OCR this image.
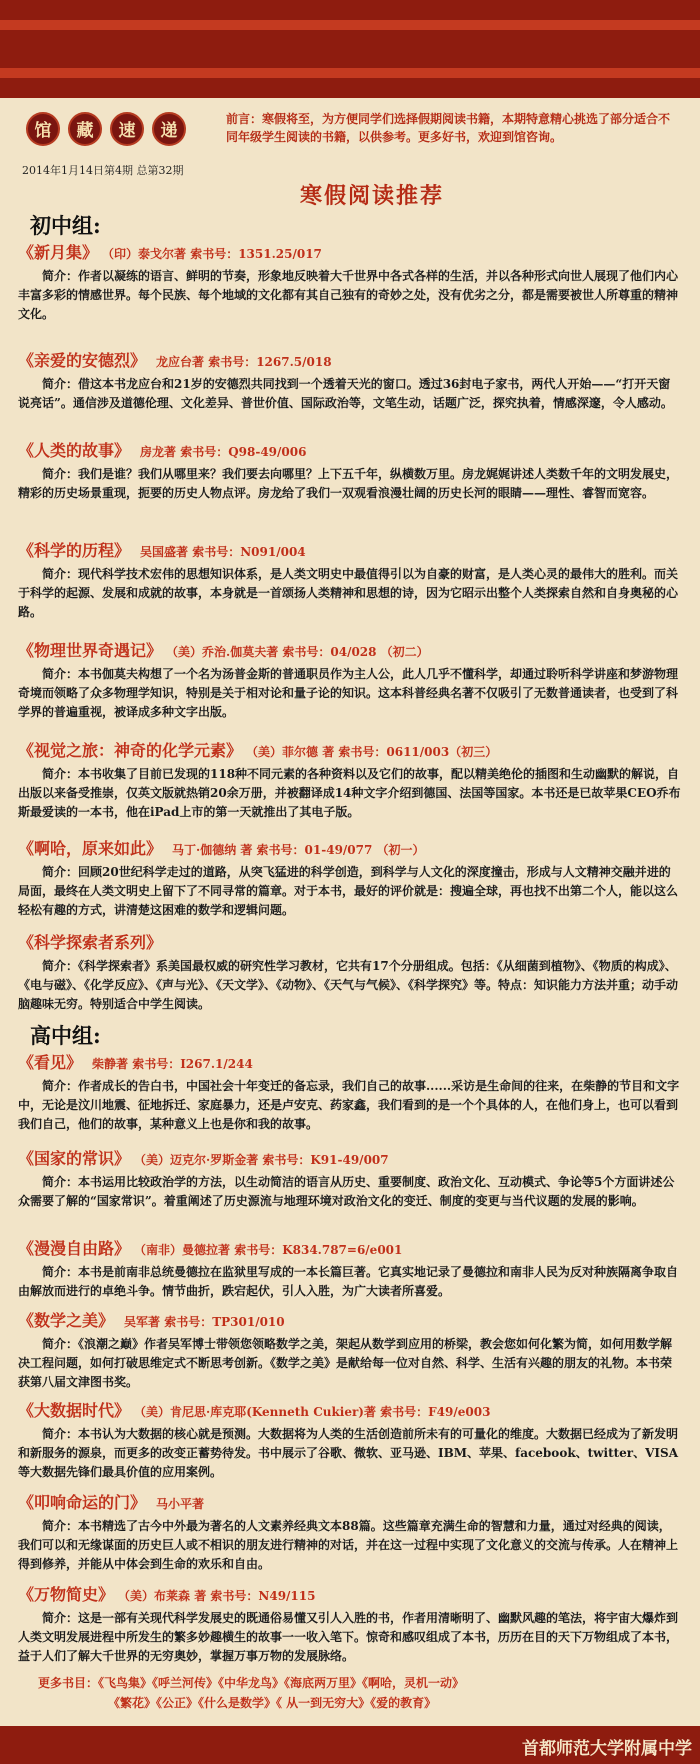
馆	藏	速	递
2014年1月14日第4期 总第32期
前言：寒假将至，为方便同学们选择假期阅读书籍，本期特意精心挑选了部分适合不同年级学生阅读的书籍，以供参考。更多好书，欢迎到馆咨询。
寒假阅读推荐
初中组:
《新月集》 （印）泰戈尔著 索书号：1351.25/017
简介：作者以凝练的语言、鲜明的节奏，形象地反映着大千世界中各式各样的生活，并以各种形式向世人展现了他们内心丰富多彩的情感世界。每个民族、每个地域的文化都有其自己独有的奇妙之处，没有优劣之分，都是需要被世人所尊重的精神文化。
《亲爱的安德烈》 龙应台著 索书号：1267.5/018
简介：借这本书龙应台和21岁的安德烈共同找到一个透着天光的窗口。透过36封电子家书，两代人开始——“打开天窗说亮话”。通信涉及道德伦理、文化差异、普世价值、国际政治等，文笔生动，话题广泛，探究执着，情感深邃，令人感动。
《人类的故事》 房龙著 索书号：Q98-49/006
简介：我们是谁？我们从哪里来？我们要去向哪里？上下五千年，纵横数万里。房龙娓娓讲述人类数千年的文明发展史，精彩的历史场景重现，扼要的历史人物点评。房龙给了我们一双观看浪漫壮阔的历史长河的眼睛——理性、睿智而宽容。
《科学的历程》 吴国盛著 索书号：N091/004
简介：现代科学技术宏伟的思想知识体系，是人类文明史中最值得引以为自豪的财富，是人类心灵的最伟大的胜利。而关于科学的起源、发展和成就的故事，本身就是一首颂扬人类精神和思想的诗，因为它昭示出整个人类探索自然和自身奥秘的心路。
《物理世界奇遇记》 （美）乔治.伽莫夫著 索书号：04/028 （初二）
简介：本书伽莫夫构想了一个名为汤普金斯的普通职员作为主人公，此人几乎不懂科学，却通过聆听科学讲座和梦游物理奇境而领略了众多物理学知识，特别是关于相对论和量子论的知识。这本科普经典名著不仅吸引了无数普通读者，也受到了科学界的普遍重视，被译成多种文字出版。
《视觉之旅：神奇的化学元素》 （美）菲尔德 著 索书号：0611/003（初三）
简介：本书收集了目前已发现的118种不同元素的各种资料以及它们的故事，配以精美绝伦的插图和生动幽默的解说，自出版以来备受推崇，仅英文版就热销20余万册，并被翻译成14种文字介绍到德国、法国等国家。本书还是已故苹果CEO乔布斯最爱读的一本书，他在iPad上市的第一天就推出了其电子版。
《啊哈，原来如此》 马丁·伽德纳 著 索书号：01-49/077 （初一）
简介：回顾20世纪科学走过的道路，从突飞猛进的科学创造，到科学与人文化的深度撞击，形成与人文精神交融并进的局面，最终在人类文明史上留下了不同寻常的篇章。对于本书，最好的评价就是：搜遍全球，再也找不出第二个人，能以这么轻松有趣的方式，讲清楚这困难的数学和逻辑问题。
《科学探索者系列》
简介：《科学探索者》系美国最权威的研究性学习教材，它共有17个分册组成。包括：《从细菌到植物》、《物质的构成》、《电与磁》、《化学反应》、《声与光》、《天文学》、《动物》、《天气与气候》、《科学探究》等。特点：知识能力方法并重；动手动脑趣味无穷。特别适合中学生阅读。
高中组:
《看见》 柴静著 索书号：I267.1/244
简介：作者成长的告白书，中国社会十年变迁的备忘录，我们自己的故事......采访是生命间的往来，在柴静的节目和文字中，无论是汶川地震、征地拆迁、家庭暴力，还是卢安克、药家鑫，我们看到的是一个个具体的人，在他们身上，也可以看到我们自己，他们的故事，某种意义上也是你和我的故事。
《国家的常识》 （美）迈克尔·罗斯金著 索书号：K91-49/007
简介：本书运用比较政治学的方法，以生动简洁的语言从历史、重要制度、政治文化、互动模式、争论等5个方面讲述公众需要了解的“国家常识”。着重阐述了历史源流与地理环境对政治文化的变迁、制度的变更与当代议题的发展的影响。
《漫漫自由路》 （南非）曼德拉著 索书号：K834.787=6/e001
简介：本书是前南非总统曼德拉在监狱里写成的一本长篇巨著。它真实地记录了曼德拉和南非人民为反对种族隔离争取自由解放而进行的卓绝斗争。情节曲折，跌宕起伏，引人入胜，为广大读者所喜爱。
《数学之美》 吴军著 索书号：TP301/010
简介：《浪潮之巅》作者吴军博士带领您领略数学之美，架起从数学到应用的桥梁，教会您如何化繁为简，如何用数学解决工程问题，如何打破思维定式不断思考创新。《数学之美》是献给每一位对自然、科学、生活有兴趣的朋友的礼物。本书荣获第八届文津图书奖。
《大数据时代》 （美）肯尼思·库克耶(Kenneth Cukier)著 索书号：F49/e003
简介：本书认为大数据的核心就是预测。大数据将为人类的生活创造前所未有的可量化的维度。大数据已经成为了新发明和新服务的源泉，而更多的改变正蓄势待发。书中展示了谷歌、微软、亚马逊、IBM、苹果、facebook、twitter、VISA等大数据先锋们最具价值的应用案例。
《叩响命运的门》 马小平著
简介：本书精选了古今中外最为著名的人文素养经典文本88篇。这些篇章充满生命的智慧和力量，通过对经典的阅读，我们可以和无缘谋面的历史巨人或不相识的朋友进行精神的对话，并在这一过程中实现了文化意义的交流与传承。人在精神上得到修养，并能从中体会到生命的欢乐和自由。
《万物简史》 （美）布莱森 著 索书号：N49/115
简介：这是一部有关现代科学发展史的既通俗易懂又引人入胜的书，作者用清晰明了、幽默风趣的笔法，将宇宙大爆炸到人类文明发展进程中所发生的繁多妙趣横生的故事一一收入笔下。惊奇和感叹组成了本书，历历在目的天下万物组成了本书，益于人们了解大千世界的无穷奥妙，掌握万事万物的发展脉络。
更多书目：《飞鸟集》《呼兰河传》《中华龙鸟》《海底两万里》《啊哈，灵机一动》
《繁花》《公正》《什么是数学》《 从一到无穷大》《爱的教育》
首都师范大学附属中学
